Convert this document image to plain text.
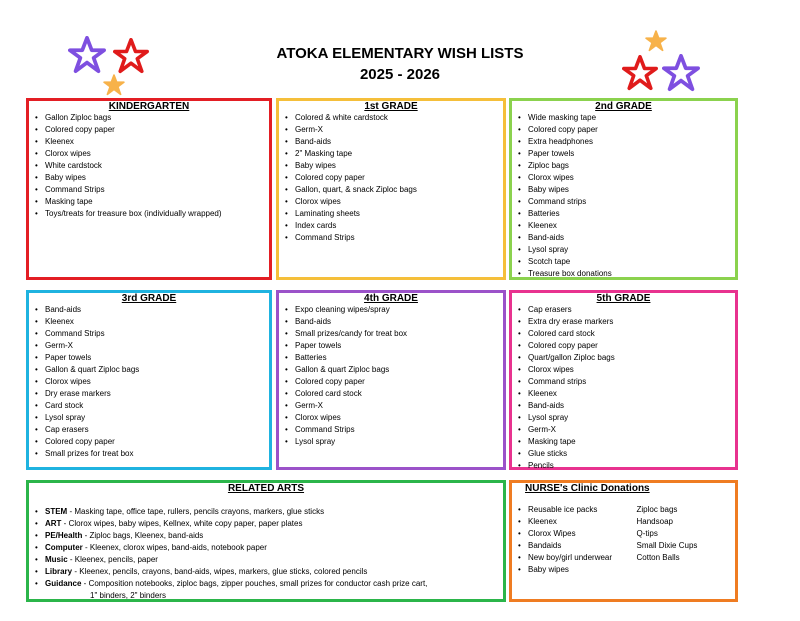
ATOKA ELEMENTARY WISH LISTS
2025 - 2026
KINDERGARTEN
• Gallon Ziploc bags
• Colored copy paper
• Kleenex
• Clorox wipes
• White cardstock
• Baby wipes
• Command Strips
• Masking tape
• Toys/treats for treasure box (individually wrapped)
1st GRADE
• Colored & white cardstock
• Germ-X
• Band-aids
• 2" Masking tape
• Baby wipes
• Colored copy paper
• Gallon, quart, & snack Ziploc bags
• Clorox wipes
• Laminating sheets
• Index cards
• Command Strips
2nd GRADE
• Wide masking tape
• Colored copy paper
• Extra headphones
• Paper towels
• Ziploc bags
• Clorox wipes
• Baby wipes
• Command strips
• Batteries
• Kleenex
• Band-aids
• Lysol spray
• Scotch tape
• Treasure box donations
3rd GRADE
• Band-aids
• Kleenex
• Command Strips
• Germ-X
• Paper towels
• Gallon & quart Ziploc bags
• Clorox wipes
• Dry erase markers
• Card stock
• Lysol spray
• Cap erasers
• Colored copy paper
• Small prizes for treat box
4th GRADE
• Expo cleaning wipes/spray
• Band-aids
• Small prizes/candy for treat box
• Paper towels
• Batteries
• Gallon & quart Ziploc bags
• Colored copy paper
• Colored card stock
• Germ-X
• Clorox wipes
• Command Strips
• Lysol spray
5th GRADE
• Cap erasers
• Extra dry erase markers
• Colored card stock
• Colored copy paper
• Quart/gallon Ziploc bags
• Clorox wipes
• Command strips
• Kleenex
• Band-aids
• Lysol spray
• Germ-X
• Masking tape
• Glue sticks
• Pencils
RELATED ARTS
• STEM - Masking tape, office tape, rullers, pencils crayons, markers, glue sticks
• ART - Clorox wipes, baby wipes, Kellnex, white copy paper, paper plates
• PE/Health - Ziploc bags, Kleenex, band-aids
• Computer - Kleenex, clorox wipes, band-aids, notebook paper
• Music - Kleenex, pencils, paper
• Library - Kleenex, pencils, crayons, band-aids, wipes, markers, glue sticks, colored pencils
• Guidance - Composition notebooks, ziploc bags, zipper pouches, small prizes for conductor cash prize cart,
1" binders, 2" binders
NURSE's Clinic Donations
• Reusable ice packs
• Kleenex
• Clorox Wipes
• Bandaids
• New boy/girl underwear
• Baby wipes
Ziploc bags
Handsoap
Q-tips
Small Dixie Cups
Cotton Balls
